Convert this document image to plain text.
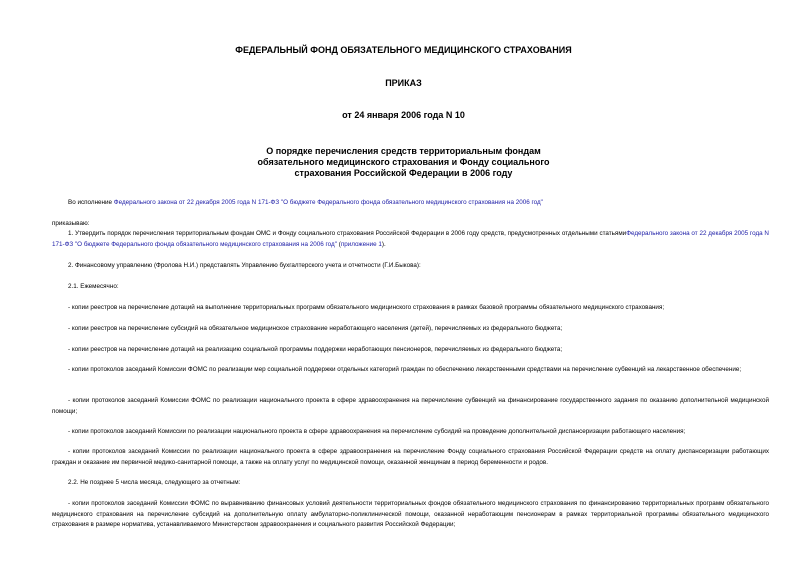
ФЕДЕРАЛЬНЫЙ ФОНД ОБЯЗАТЕЛЬНОГО МЕДИЦИНСКОГО СТРАХОВАНИЯ
ПРИКАЗ
от 24 января 2006 года N 10
О порядке перечисления средств территориальным фондам
обязательного медицинского страхования и Фонду социального
страхования Российской Федерации в 2006 году
Во исполнение Федерального закона от 22 декабря 2005 года N 171-ФЗ "О бюджете Федерального фонда обязательного медицинского страхования на 2006 год"
приказываю:
1. Утвердить порядок перечисления территориальным фондам ОМС и Фонду социального страхования Российской Федерации в 2006 году средств, предусмотренных отдельными статьямиФедерального закона от 22 декабря 2005 года N 171-ФЗ "О бюджете Федерального фонда обязательного медицинского страхования на 2006 год" (приложение 1).
2. Финансовому управлению (Фролова Н.И.) представлять Управлению бухгалтерского учета и отчетности (Г.И.Быкова):
2.1. Ежемесячно:
- копии реестров на перечисление дотаций на выполнение территориальных программ обязательного медицинского страхования в рамках базовой программы обязательного медицинского страхования;
- копии реестров на перечисление субсидий на обязательное медицинское страхование неработающего населения (детей), перечисляемых из федерального бюджета;
- копии реестров на перечисление дотаций на реализацию социальной программы поддержки неработающих пенсионеров, перечисляемых из федерального бюджета;
- копии протоколов заседаний Комиссии ФОМС по реализации мер социальной поддержки отдельных категорий граждан по обеспечению лекарственными средствами на перечисление субвенций на лекарственное обеспечение;
- копии протоколов заседаний Комиссии ФОМС по реализации национального проекта в сфере здравоохранения на перечисление субвенций на финансирование государственного задания по оказанию дополнительной медицинской помощи;
- копии протоколов заседаний Комиссии по реализации национального проекта в сфере здравоохранения на перечисление субсидий на проведение дополнительной диспансеризации работающего населения;
- копии протоколов заседаний Комиссии по реализации национального проекта в сфере здравоохранения на перечисление Фонду социального страхования Российской Федерации средств на оплату диспансеризации работающих граждан и оказание им первичной медико-санитарной помощи, а также на оплату услуг по медицинской помощи, оказанной женщинам в период беременности и родов.
2.2. Не позднее 5 числа месяца, следующего за отчетным:
- копии протоколов заседаний Комиссии ФОМС по выравниванию финансовых условий деятельности территориальных фондов обязательного медицинского страхования по финансированию территориальных программ обязательного медицинского страхования на перечисление субсидий на дополнительную оплату амбулаторно-поликлинической помощи, оказанной неработающим пенсионерам в рамках территориальной программы обязательного медицинского страхования в размере норматива, устанавливаемого Министерством здравоохранения и социального развития Российской Федерации;
